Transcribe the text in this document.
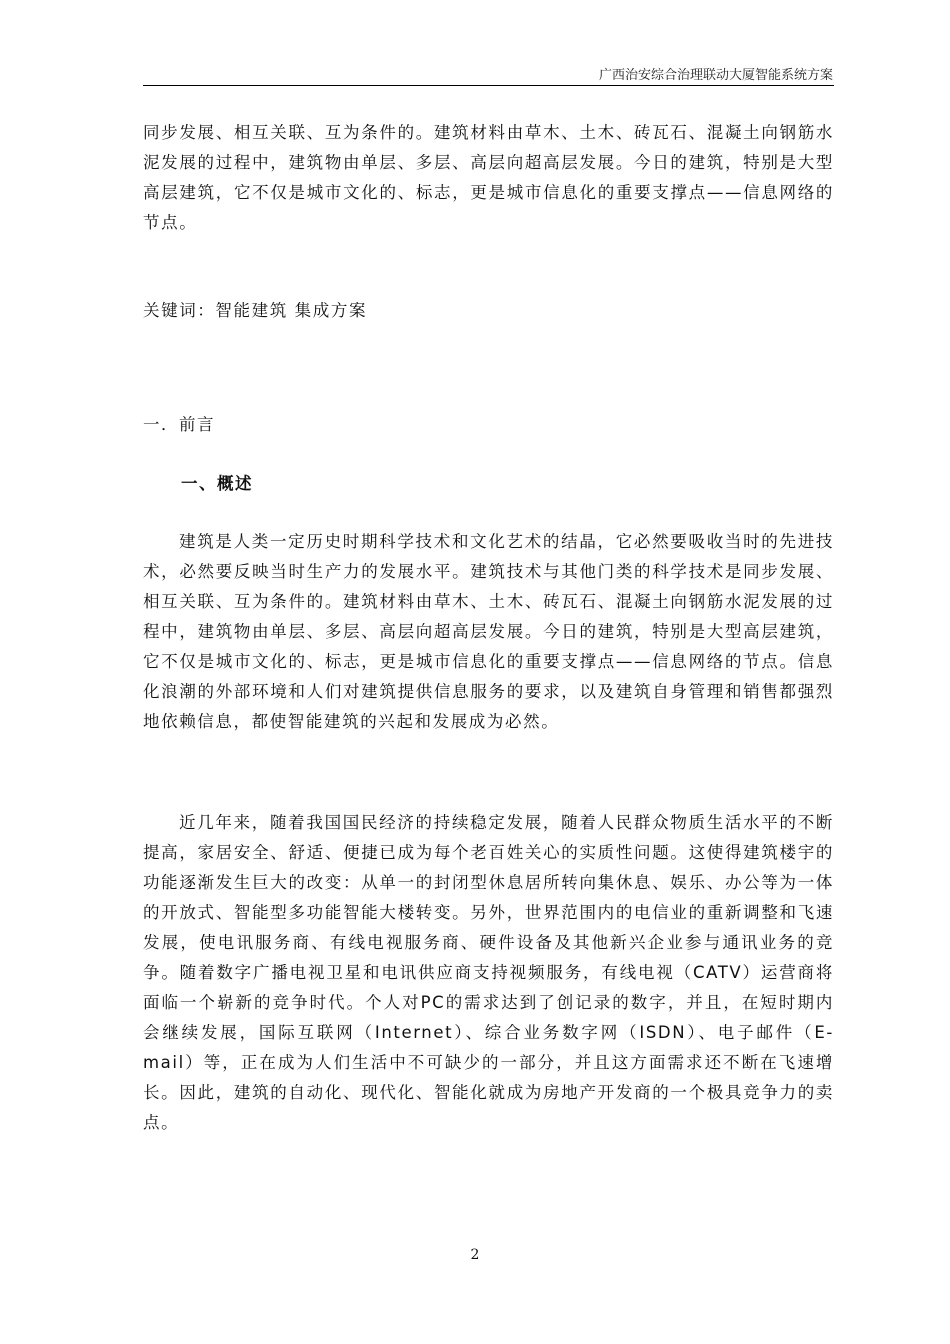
广西治安综合治理联动大厦智能系统方案

同步发展、相互关联、互为条件的。建筑材料由草木、土木、砖瓦石、混凝土向钢筋水泥发展的过程中，建筑物由单层、多层、高层向超高层发展。今日的建筑，特别是大型高层建筑，它不仅是城市文化的、标志，更是城市信息化的重要支撑点——信息网络的节点。

关键词：智能建筑 集成方案

一．前言
一、概述

建筑是人类一定历史时期科学技术和文化艺术的结晶，它必然要吸收当时的先进技术，必然要反映当时生产力的发展水平。建筑技术与其他门类的科学技术是同步发展、相互关联、互为条件的。建筑材料由草木、土木、砖瓦石、混凝土向钢筋水泥发展的过程中，建筑物由单层、多层、高层向超高层发展。今日的建筑，特别是大型高层建筑，它不仅是城市文化的、标志，更是城市信息化的重要支撑点——信息网络的节点。信息化浪潮的外部环境和人们对建筑提供信息服务的要求，以及建筑自身管理和销售都强烈地依赖信息，都使智能建筑的兴起和发展成为必然。

近几年来，随着我国国民经济的持续稳定发展，随着人民群众物质生活水平的不断提高，家居安全、舒适、便捷已成为每个老百姓关心的实质性问题。这使得建筑楼宇的功能逐渐发生巨大的改变：从单一的封闭型休息居所转向集休息、娱乐、办公等为一体的开放式、智能型多功能智能大楼转变。另外，世界范围内的电信业的重新调整和飞速发展，使电讯服务商、有线电视服务商、硬件设备及其他新兴企业参与通讯业务的竞争。随着数字广播电视卫星和电讯供应商支持视频服务，有线电视（CATV）运营商将面临一个崭新的竞争时代。个人对PC的需求达到了创记录的数字，并且，在短时期内会继续发展，国际互联网（Internet）、综合业务数字网（ISDN）、电子邮件（E-mail）等，正在成为人们生活中不可缺少的一部分，并且这方面需求还不断在飞速增长。因此，建筑的自动化、现代化、智能化就成为房地产开发商的一个极具竞争力的卖点。

2
